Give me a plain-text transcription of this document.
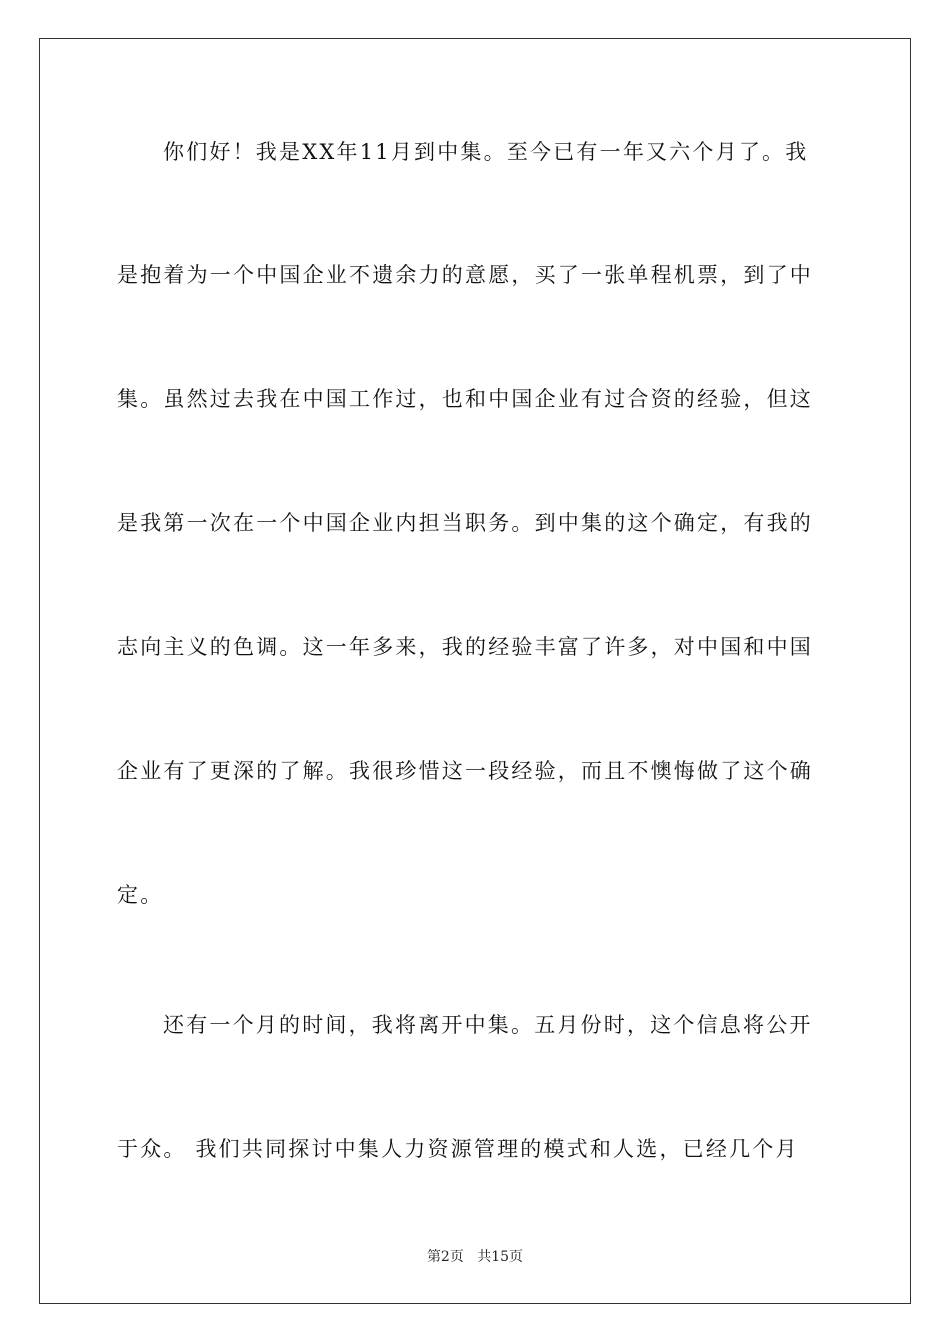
你们好！我是XX年11月到中集。至今已有一年又六个月了。我
是抱着为一个中国企业不遗余力的意愿，买了一张单程机票，到了中
集。虽然过去我在中国工作过，也和中国企业有过合资的经验，但这
是我第一次在一个中国企业内担当职务。到中集的这个确定，有我的
志向主义的色调。这一年多来，我的经验丰富了许多，对中国和中国
企业有了更深的了解。我很珍惜这一段经验，而且不懊悔做了这个确
定。
还有一个月的时间，我将离开中集。五月份时，这个信息将公开
于众。 我们共同探讨中集人力资源管理的模式和人选，已经几个月
第2页 共15页
